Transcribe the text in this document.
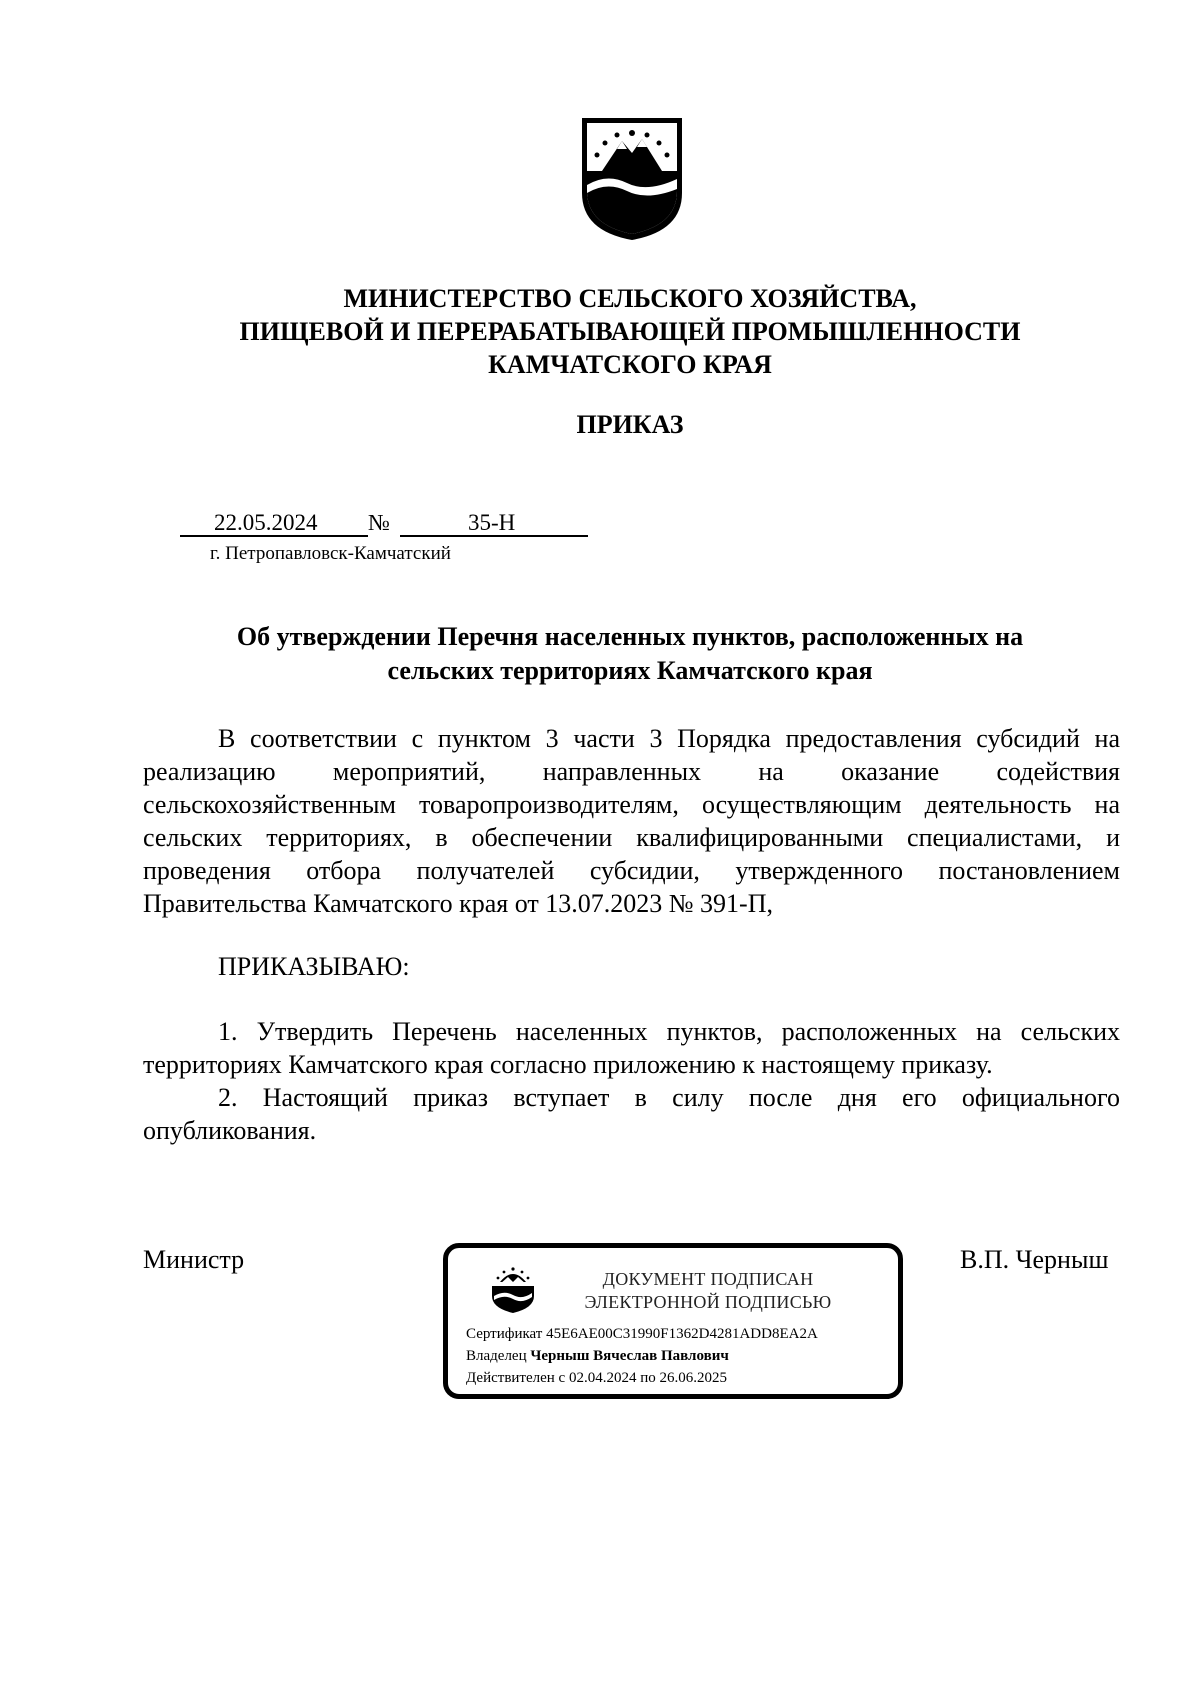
МИНИСТЕРСТВО СЕЛЬСКОГО ХОЗЯЙСТВА,
ПИЩЕВОЙ И ПЕРЕРАБАТЫВАЮЩЕЙ ПРОМЫШЛЕННОСТИ
КАМЧАТСКОГО КРАЯ
ПРИКАЗ
22.05.2024 №	35-Н
г. Петропавловск-Камчатский
Об утверждении Перечня населенных пунктов, расположенных на
сельских территориях Камчатского края
В соответствии с пунктом 3 части 3 Порядка предоставления субсидий на реализацию мероприятий, направленных на оказание содействия сельскохозяйственным товаропроизводителям, осуществляющим деятельность на сельских территориях, в обеспечении квалифицированными специалистами, и проведения отбора получателей субсидии, утвержденного постановлением Правительства Камчатского края от 13.07.2023 № 391-П,
ПРИКАЗЫВАЮ:
1. Утвердить Перечень населенных пунктов, расположенных на сельских территориях Камчатского края согласно приложению к настоящему приказу.
2. Настоящий приказ вступает в силу после дня его официального опубликования.
Министр	В.П. Черныш
ДОКУМЕНТ ПОДПИСАН
ЭЛЕКТРОННОЙ ПОДПИСЬЮ
Сертификат 45E6AE00C31990F1362D4281ADD8EA2A
Владелец Черныш Вячеслав Павлович
Действителен с 02.04.2024 по 26.06.2025
